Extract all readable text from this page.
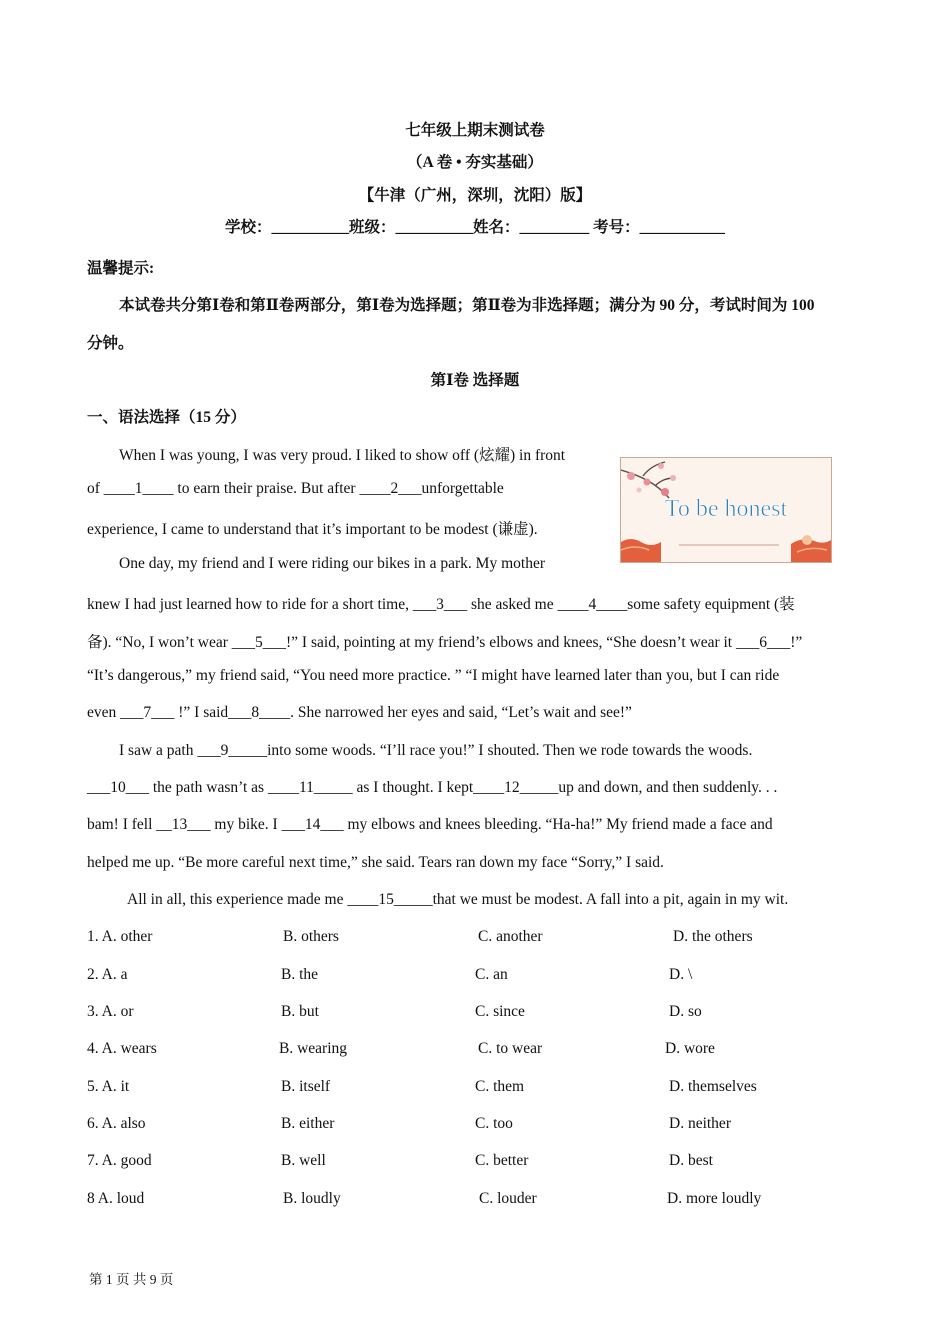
七年级上期末测试卷
（A 卷 • 夯实基础）
【牛津（广州，深圳，沈阳）版】
学校：__________班级：__________姓名：_________ 考号：___________
温馨提示:
本试卷共分第Ⅰ卷和第Ⅱ卷两部分，第Ⅰ卷为选择题；第Ⅱ卷为非选择题；满分为 90 分，考试时间为 100
分钟。
第Ⅰ卷 选择题
一、语法选择（15 分）
When I was young, I was very proud. I liked to show off (炫耀) in front
of ____1____ to earn their praise. But after ____2___unforgettable
experience, I came to understand that it’s important to be modest (谦虚).
One day, my friend and I were riding our bikes in a park. My mother
knew I had just learned how to ride for a short time, ___3___ she asked me ____4____some safety equipment (装
备). “No, I won’t wear ___5___!” I said, pointing at my friend’s elbows and knees, “She doesn’t wear it ___6___!”
“It’s dangerous,” my friend said, “You need more practice. ” “I might have learned later than you, but I can ride
even ___7___ !” I said___8____. She narrowed her eyes and said, “Let’s wait and see!”
I saw a path ___9_____into some woods. “I’ll race you!” I shouted. Then we rode towards the woods.
___10___ the path wasn’t as ____11_____ as I thought. I kept____12_____up and down, and then suddenly. . .
bam! I fell __13___ my bike. I ___14___ my elbows and knees bleeding. “Ha-ha!” My friend made a face and
helped me up. “Be more careful next time,” she said. Tears ran down my face “Sorry,” I said.
All in all, this experience made me ____15_____that we must be modest. A fall into a pit, again in my wit.
To be honest
1. A. other	B. others	C. another	D. the others
2. A. a	B. the	C. an	D. \
3. A. or	B. but	C. since	D. so
4. A. wears	B. wearing	C. to wear	D. wore
5. A. it	B. itself	C. them	D. themselves
6. A. also	B. either	C. too	D. neither
7. A. good	B. well	C. better	D. best
8 A. loud	B. loudly	C. louder	D. more loudly
第 1 页 共 9 页
